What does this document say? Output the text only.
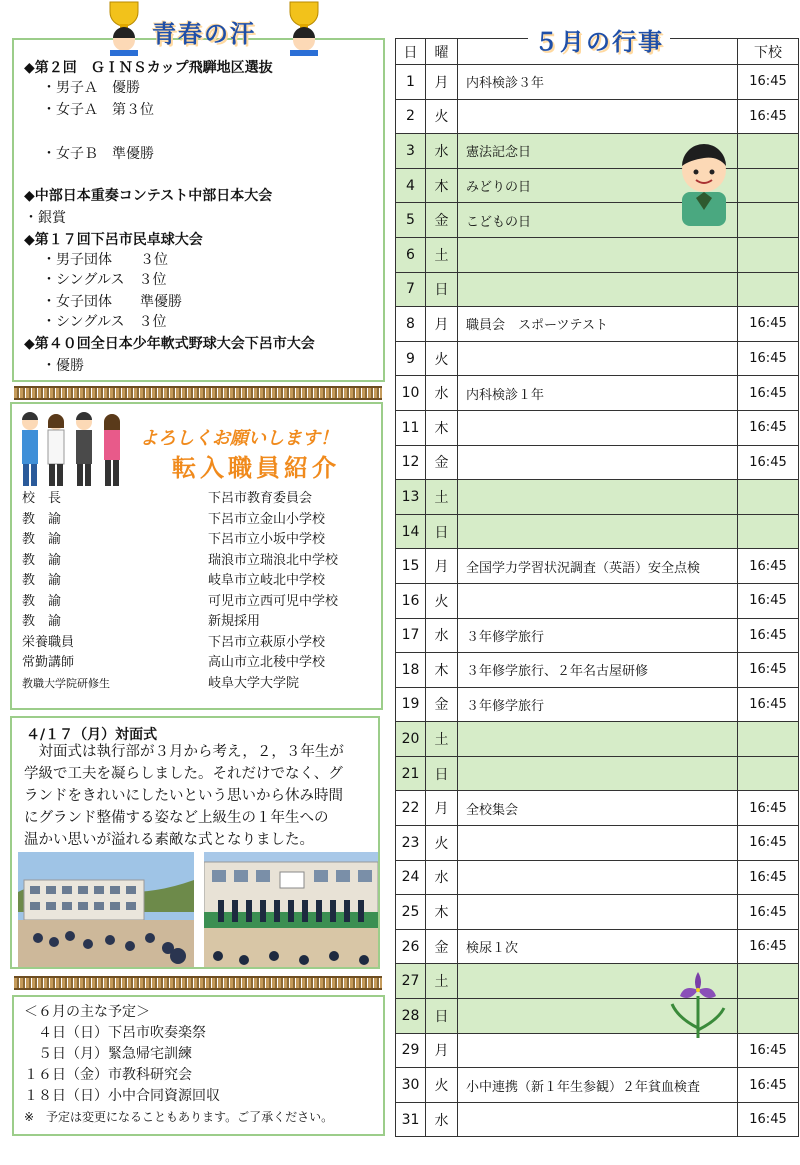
青春の汗
◆第２回　ＧＩＮＳカップ飛騨地区選抜
・男子Ａ　優勝
・女子Ａ　第３位
・女子Ｂ　準優勝
◆中部日本重奏コンテスト中部日本大会
・銀賞
◆第１７回下呂市民卓球大会
・男子団体　　３位
・シングルス　３位
・女子団体　　準優勝
・シングルス　３位
◆第４０回全日本少年軟式野球大会下呂市大会
・優勝
よろしくお願いします！
転入職員紹介
校　長	下呂市教育委員会
教　諭	下呂市立金山小学校
教　諭	下呂市立小坂中学校
教　諭	瑞浪市立瑞浪北中学校
教　諭	岐阜市立岐北中学校
教　諭	可児市立西可児中学校
教　諭	新規採用
栄養職員	下呂市立萩原小学校
常勤講師	高山市立北稜中学校
教職大学院研修生	岐阜大学大学院
４/１７（月）対面式
　対面式は執行部が３月から考え，２，３年生が
学級で工夫を凝らしました。それだけでなく、グ
ランドをきれいにしたいという思いから休み時間
にグランド整備する姿など上級生の１年生への
温かい思いが溢れる素敵な式となりました。
＜６月の主な予定＞
　４日（日）下呂市吹奏楽祭
　５日（月）緊急帰宅訓練
１６日（金）市教科研究会
１８日（日）小中合同資源回収
※　予定は変更になることもあります。ご了承ください。
５月の行事
日	曜		下校
1	月	内科検診３年	16:45
2	火		16:45
3	水	憲法記念日	
4	木	みどりの日	
5	金	こどもの日	
6	土		
7	日		
8	月	職員会　スポーツテスト	16:45
9	火		16:45
10	水	内科検診１年	16:45
11	木		16:45
12	金		16:45
13	土		
14	日		
15	月	全国学力学習状況調査（英語）安全点検	16:45
16	火		16:45
17	水	３年修学旅行	16:45
18	木	３年修学旅行、２年名古屋研修	16:45
19	金	３年修学旅行	16:45
20	土		
21	日		
22	月	全校集会	16:45
23	火		16:45
24	水		16:45
25	木		16:45
26	金	検尿１次	16:45
27	土		
28	日		
29	月		16:45
30	火	小中連携（新１年生参観）２年貧血検査	16:45
31	水		16:45
